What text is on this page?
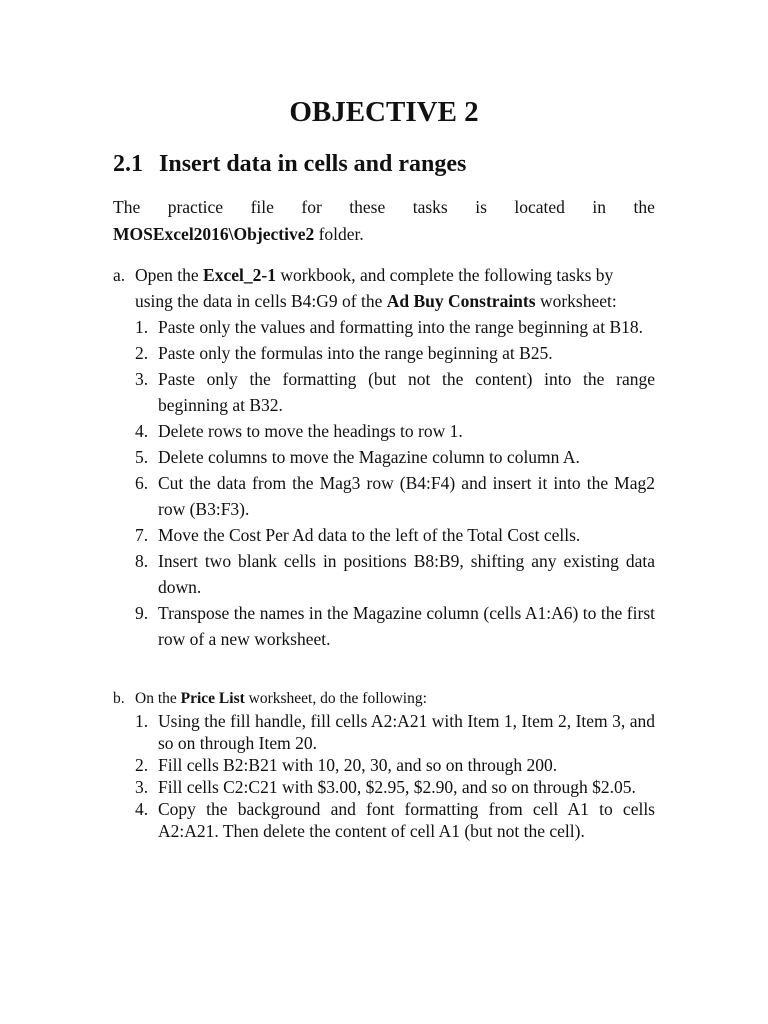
OBJECTIVE 2
2.1 Insert data in cells and ranges
The practice file for these tasks is located in the
MOSExcel2016\Objective2 folder.
a. Open the Excel_2-1 workbook, and complete the following tasks by
using the data in cells B4:G9 of the Ad Buy Constraints worksheet:
1. Paste only the values and formatting into the range beginning at B18.
2. Paste only the formulas into the range beginning at B25.
3. Paste only the formatting (but not the content) into the range beginning at B32.
4. Delete rows to move the headings to row 1.
5. Delete columns to move the Magazine column to column A.
6. Cut the data from the Mag3 row (B4:F4) and insert it into the Mag2 row (B3:F3).
7. Move the Cost Per Ad data to the left of the Total Cost cells.
8. Insert two blank cells in positions B8:B9, shifting any existing data down.
9. Transpose the names in the Magazine column (cells A1:A6) to the first row of a new worksheet.
b. On the Price List worksheet, do the following:
1. Using the fill handle, fill cells A2:A21 with Item 1, Item 2, Item 3, and so on through Item 20.
2. Fill cells B2:B21 with 10, 20, 30, and so on through 200.
3. Fill cells C2:C21 with $3.00, $2.95, $2.90, and so on through $2.05.
4. Copy the background and font formatting from cell A1 to cells A2:A21. Then delete the content of cell A1 (but not the cell).
